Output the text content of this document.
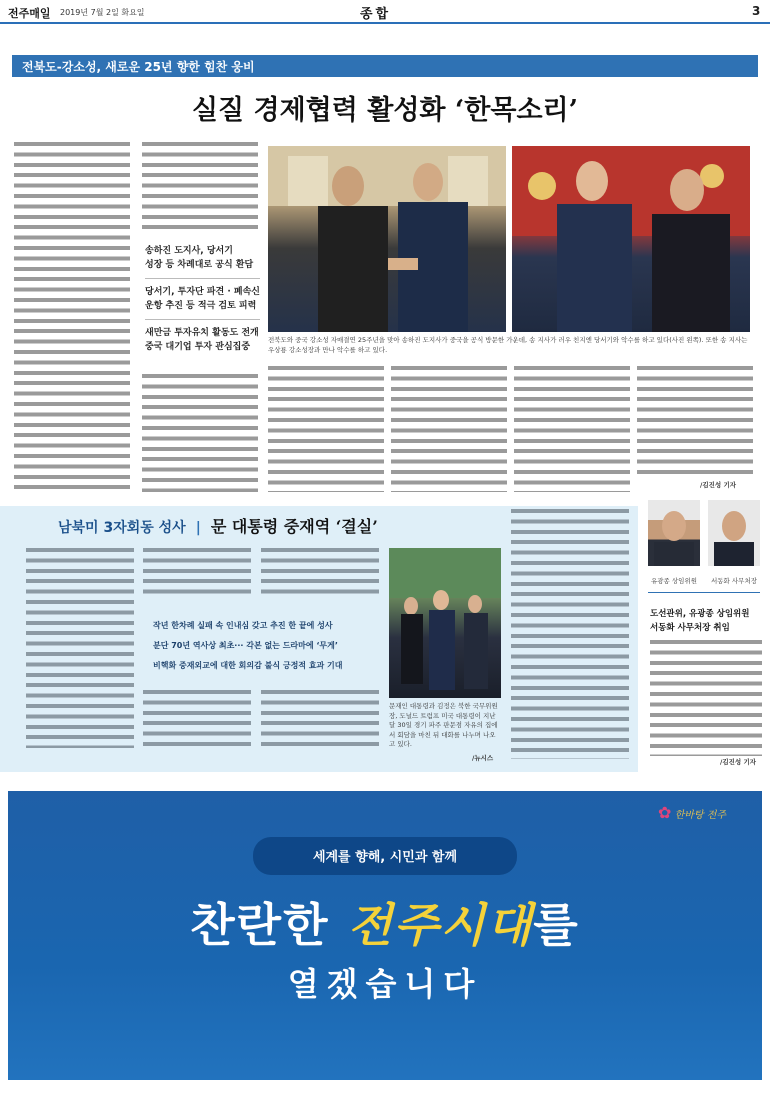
전주매일 2019년 7월 2일 화요일	종합	3
전북도-강소성, 새로운 25년 향한 힘찬 웅비
실질 경제협력 활성화 ‘한목소리’
송하진 도지사, 당서기
성장 등 차례대로 공식 환담
당서기, 투자단 파견 · 폐속신
운항 추진 등 적극 검토 피력
새만금 투자유치 활동도 전개
중국 대기업 투자 관심집중
전북도와 중국 강소성 자매결연 25주년을 맞아 송하진 도지사가 중국을 공식 방문한 가운데, 송 지사가 러우 친지엔 당서기와 악수를 하고 있다(사진 왼쪽). 또한 송 지사는 우상룡 강소성장과 만나 악수를 하고 있다.
/김진성 기자
남북미 3자회동 성사 | 문 대통령 중재역 ‘결실’
작년 한차례 실패 속 인내심 갖고 추진 한 끝에 성사
분단 70년 역사상 최초··· 각본 없는 드라마에 ‘무게’
비핵화 중재외교에 대한 회의감 불식 긍정적 효과 기대
문재인 대통령과 김정은 북한 국무위원장, 도널드 트럼프 미국 대통령이 지난달 30일 경기 파주 판문점 자유의 집에서 회담을 마친 뒤 대화를 나누며 나오고 있다.
/뉴시스
유광종 상임위원	서동화 사무처장
도선관위, 유광종 상임위원
서동화 사무처장 취임
/김진성 기자
✿ 한바탕 전주
세계를 향해, 시민과 함께
찬란한 전주시대를
열겠습니다
